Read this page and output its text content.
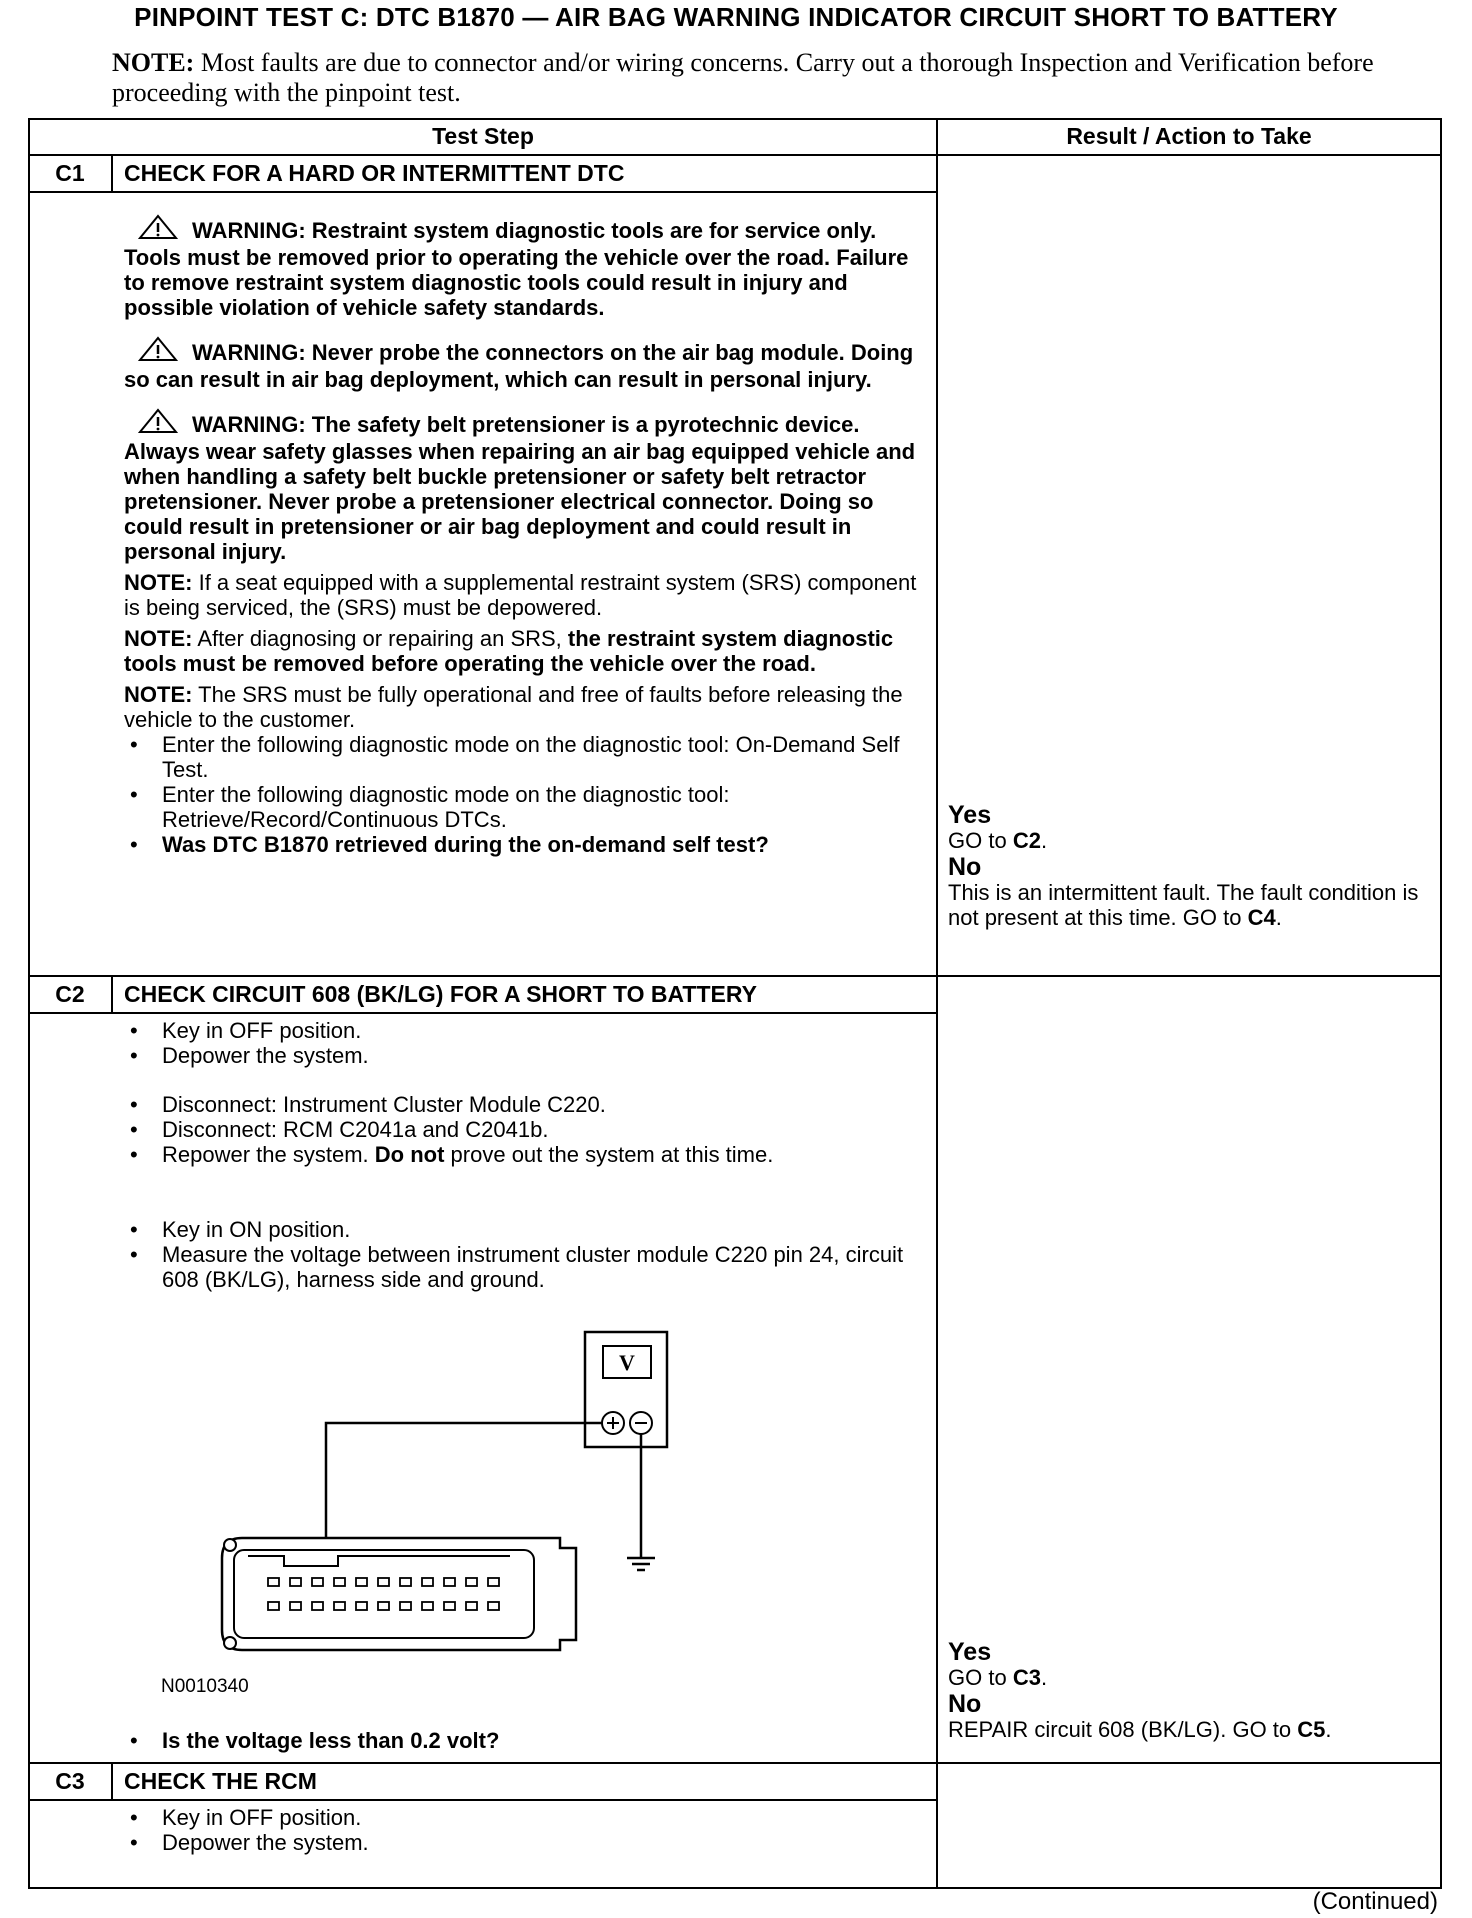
PINPOINT TEST C: DTC B1870 — AIR BAG WARNING INDICATOR CIRCUIT SHORT TO BATTERY
NOTE: Most faults are due to connector and/or wiring concerns. Carry out a thorough Inspection and Verification before proceeding with the pinpoint test.
Test Step	Result / Action to Take
C1	CHECK FOR A HARD OR INTERMITTENT DTC
WARNING: Restraint system diagnostic tools are for service only. Tools must be removed prior to operating the vehicle over the road. Failure to remove restraint system diagnostic tools could result in injury and possible violation of vehicle safety standards.
WARNING: Never probe the connectors on the air bag module. Doing so can result in air bag deployment, which can result in personal injury.
WARNING: The safety belt pretensioner is a pyrotechnic device. Always wear safety glasses when repairing an air bag equipped vehicle and when handling a safety belt buckle pretensioner or safety belt retractor pretensioner. Never probe a pretensioner electrical connector. Doing so could result in pretensioner or air bag deployment and could result in personal injury.
NOTE: If a seat equipped with a supplemental restraint system (SRS) component is being serviced, the (SRS) must be depowered.
NOTE: After diagnosing or repairing an SRS, the restraint system diagnostic tools must be removed before operating the vehicle over the road.
NOTE: The SRS must be fully operational and free of faults before releasing the vehicle to the customer.
• Enter the following diagnostic mode on the diagnostic tool: On-Demand Self Test.
• Enter the following diagnostic mode on the diagnostic tool: Retrieve/Record/Continuous DTCs.
• Was DTC B1870 retrieved during the on-demand self test?
Yes
GO to C2.
No
This is an intermittent fault. The fault condition is not present at this time. GO to C4.
C2	CHECK CIRCUIT 608 (BK/LG) FOR A SHORT TO BATTERY
• Key in OFF position.
• Depower the system.
• Disconnect: Instrument Cluster Module C220.
• Disconnect: RCM C2041a and C2041b.
• Repower the system. Do not prove out the system at this time.
• Key in ON position.
• Measure the voltage between instrument cluster module C220 pin 24, circuit 608 (BK/LG), harness side and ground.
V
N0010340
• Is the voltage less than 0.2 volt?
Yes
GO to C3.
No
REPAIR circuit 608 (BK/LG). GO to C5.
C3	CHECK THE RCM
• Key in OFF position.
• Depower the system.
(Continued)
